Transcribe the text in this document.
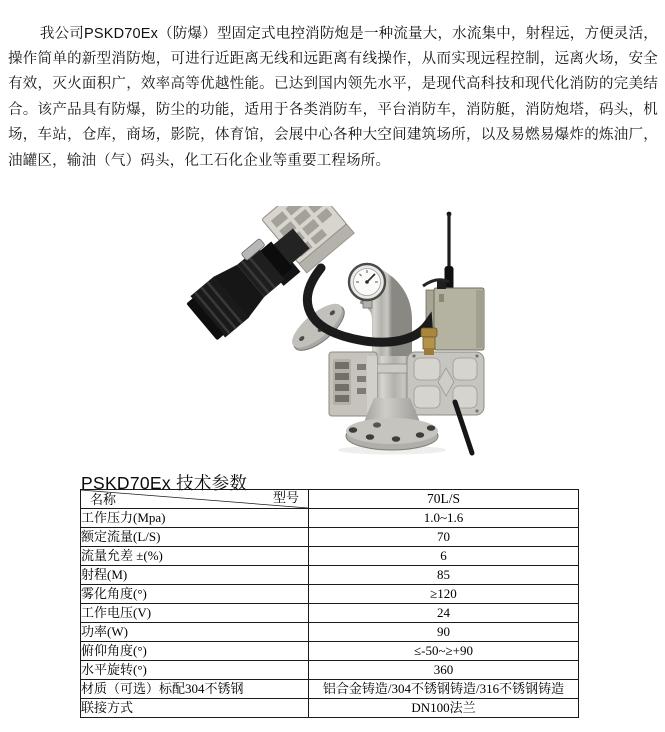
我公司PSKD70Ex（防爆）型固定式电控消防炮是一种流量大，水流集中，射程远，方便灵活，操作简单的新型消防炮，可进行近距离无线和远距离有线操作，从而实现远程控制，远离火场，安全有效，灭火面积广，效率高等优越性能。已达到国内领先水平，是现代高科技和现代化消防的完美结合。该产品具有防爆，防尘的功能，适用于各类消防车，平台消防车，消防艇，消防炮塔，码头，机场，车站，仓库，商场，影院，体育馆，会展中心各种大空间建筑场所，以及易燃易爆炸的炼油厂，油罐区，输油（气）码头，化工石化企业等重要工程场所。

PSKD70Ex 技术参数
型号
名称	70L/S
工作压力(Mpa)	1.0~1.6
额定流量(L/S)	70
流量允差 ±(%)	6
射程(M)	85
雾化角度(°)	≥120
工作电压(V)	24
功率(W)	90
俯仰角度(°)	≤-50~≥+90
水平旋转(°)	360
材质（可选）标配304不锈钢	铝合金铸造/304不锈钢铸造/316不锈钢铸造
联接方式	DN100法兰
